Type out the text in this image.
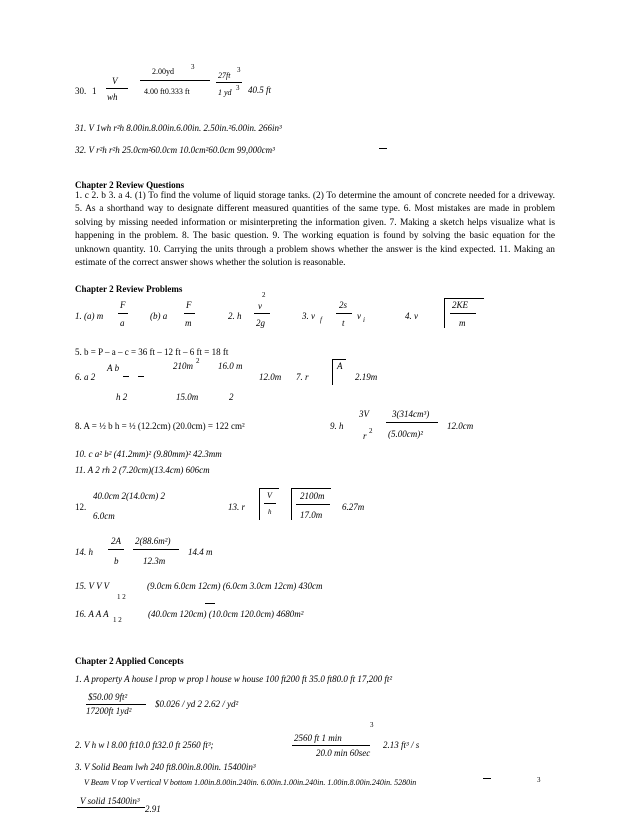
30. 1
V
wh
2.00yd 3
4.00 ft0.333 ft
27ft
3
1 yd 3 40.5 ft
31. V 1wh r²h 8.00in.8.00in.6.00in. 2.50in.²6.00in. 266in³
32. V r²h r²h 25.0cm²60.0cm 10.0cm²60.0cm 99,000cm³
Chapter 2 Review Questions
1. c 2. b 3. a 4. (1) To find the volume of liquid storage tanks. (2) To determine the amount of concrete needed for a driveway. 5. As a shorthand way to designate different measured quantities of the same type. 6. Most mistakes are made in problem solving by missing needed information or misinterpreting the information given. 7. Making a sketch helps visualize what is happening in the problem. 8. The basic question. 9. The working equation is found by solving the basic equation for the unknown quantity. 10. Carrying the units through a problem shows whether the answer is the kind expected. 11. Making an estimate of the correct answer shows whether the solution is reasonable.
Chapter 2 Review Problems
1. (a) m
F
a
(b) a
F
m
2. h
v
2
2g
3. v f
2s
t
v i	4. v
2KE
m
5. b = P – a – c = 36 ft – 12 ft – 6 ft = 18 ft
6. a 2
A b
h 2
210m 2 16.0 m
15.0m	2
12.0m 7. r
A
2.19m
8. A = ½ b h = ½ (12.2cm) (20.0cm) = 122 cm²	9. h
3V
r 2
3(314cm³)
(5.00cm)²
12.0cm
10. c a² b² (41.2mm)² (9.80mm)² 42.3mm
11. A 2 rh 2 (7.20cm)(13.4cm) 606cm
12.
40.0cm 2(14.0cm) 2
6.0cm
13. r
V
h
2100m
17.0m
6.27m
14. h
2A
b
2(88.6m²)
12.3m
14.4 m
15. V V V
1 2
(9.0cm 6.0cm 12cm) (6.0cm 3.0cm 12cm) 430cm
16. A A A
1 2
(40.0cm 120cm) (10.0cm 120.0cm) 4680m²
Chapter 2 Applied Concepts
1. A property A house l prop w prop l house w house 100 ft200 ft 35.0 ft80.0 ft 17,200 ft²
$50.00 9ft²
17200ft 1yd²
$0.026 / yd 2 2.62 / yd²
3
2. V h w l 8.00 ft10.0 ft32.0 ft 2560 ft³;
2560 ft 1 min
20.0 min 60sec
2.13 ft³ / s
3. V Solid Beam lwh 240 ft8.00in.8.00in. 15400in³
V Beam V top V vertical V bottom 1.00in.8.00in.240in. 6.00in.1.00in.240in. 1.00in.8.00in.240in. 5280in	3
V solid 15400in³
2.91
